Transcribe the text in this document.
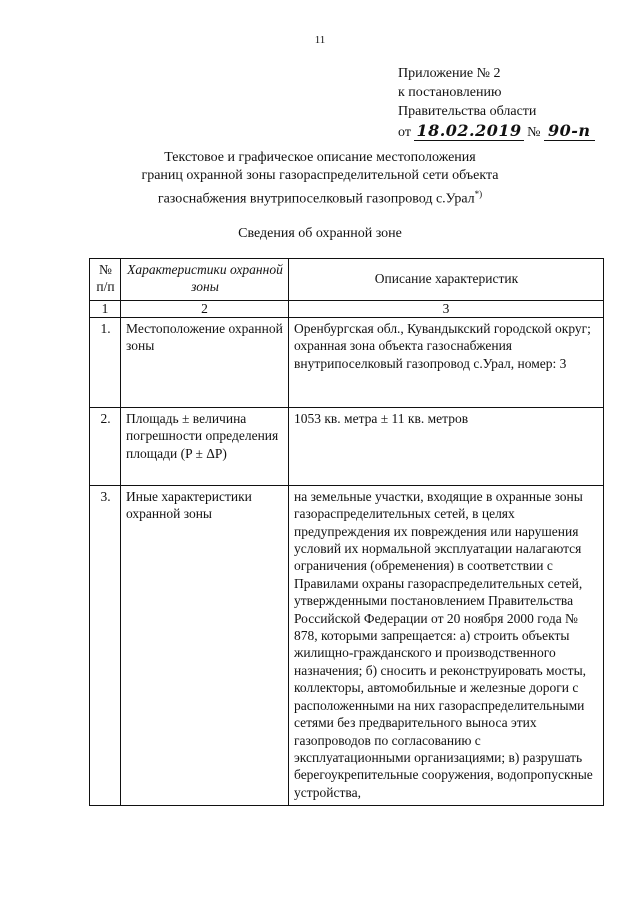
11
Приложение № 2
к постановлению
Правительства области
от 18.02.2019 № 90-п
Текстовое и графическое описание местоположения
границ охранной зоны газораспределительной сети объекта
газоснабжения внутрипоселковый газопровод с.Урал*)
Сведения об охранной зоне
№ п/п	Характеристики охранной зоны	Описание характеристик
1	2	3
1.	Местоположение охранной зоны	Оренбургская обл., Кувандыкский городской округ; охранная зона объекта газоснабжения внутрипоселковый газопровод с.Урал, номер: 3
2.	Площадь ± величина погрешности определения площади (P ± ΔP)	1053 кв. метра ± 11 кв. метров
3.	Иные характеристики охранной зоны	на земельные участки, входящие в охранные зоны газораспределительных сетей, в целях предупреждения их повреждения или нарушения условий их нормальной эксплуатации налагаются ограничения (обременения) в соответствии с Правилами охраны газораспределительных сетей, утвержденными постановлением Правительства Российской Федерации от 20 ноября 2000 года № 878, которыми запрещается: а) строить объекты жилищно-гражданского и производственного назначения; б) сносить и реконструировать мосты, коллекторы, автомобильные и железные дороги с расположенными на них газораспределительными сетями без предварительного выноса этих газопроводов по согласованию с эксплуатационными организациями; в) разрушать берегоукрепительные сооружения, водопропускные устройства,
